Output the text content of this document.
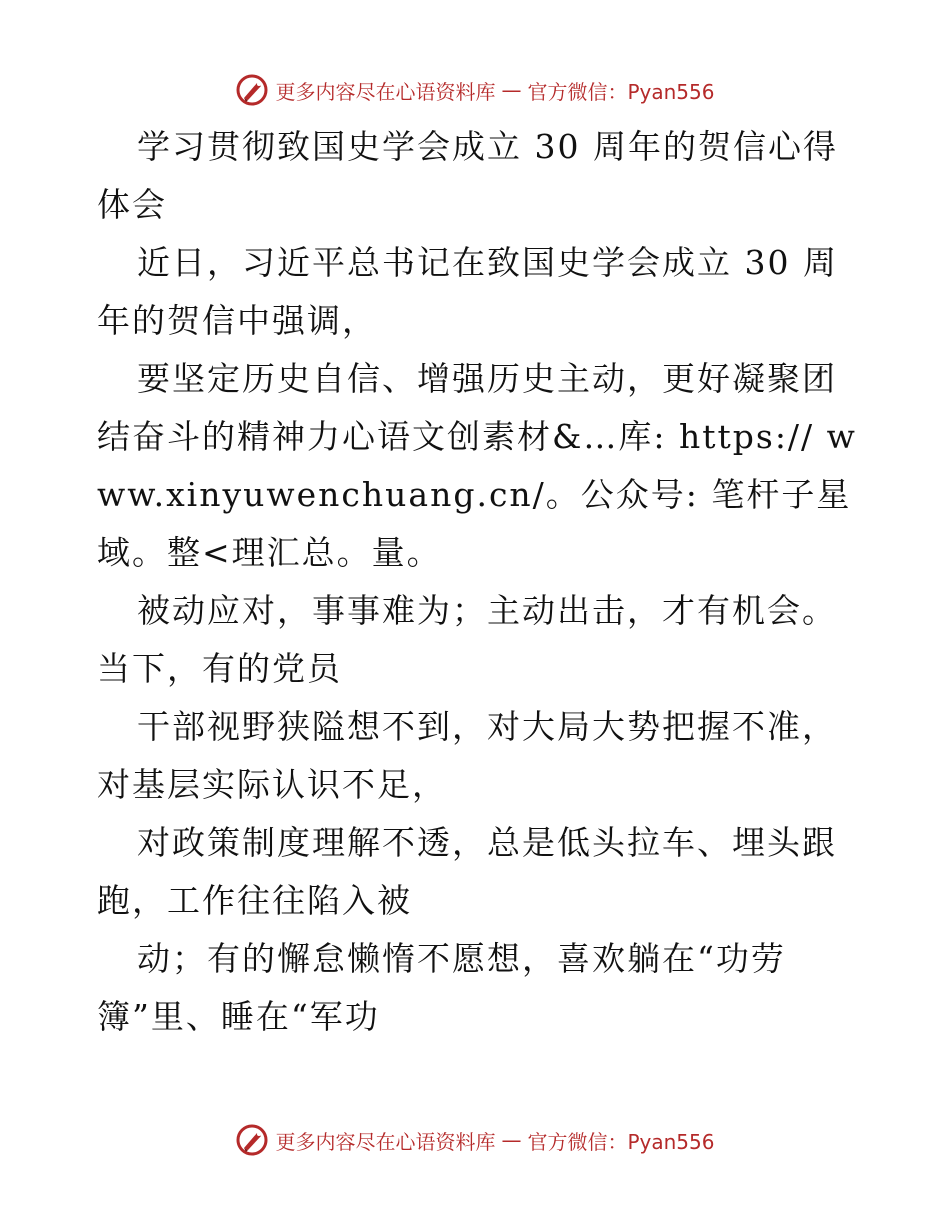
更多内容尽在心语资料库 — 官方微信：Pyan556

学习贯彻致国史学会成立 30 周年的贺信心得体会

近日，习近平总书记在致国史学会成立 30 周年的贺信中强调，

要坚定历史自信、增强历史主动，更好凝聚团结奋斗的精神力心语文创素材&…库: https:// www.xinyuwenchuang.cn/。公众号: 笔杆子星域。整<理汇总。量。

被动应对，事事难为；主动出击，才有机会。当下，有的党员

干部视野狭隘想不到，对大局大势把握不准，对基层实际认识不足，

对政策制度理解不透，总是低头拉车、埋头跟跑，工作往往陷入被

动；有的懈怠懒惰不愿想，喜欢躺在“功劳簿”里、睡在“军功

更多内容尽在心语资料库 — 官方微信：Pyan556
